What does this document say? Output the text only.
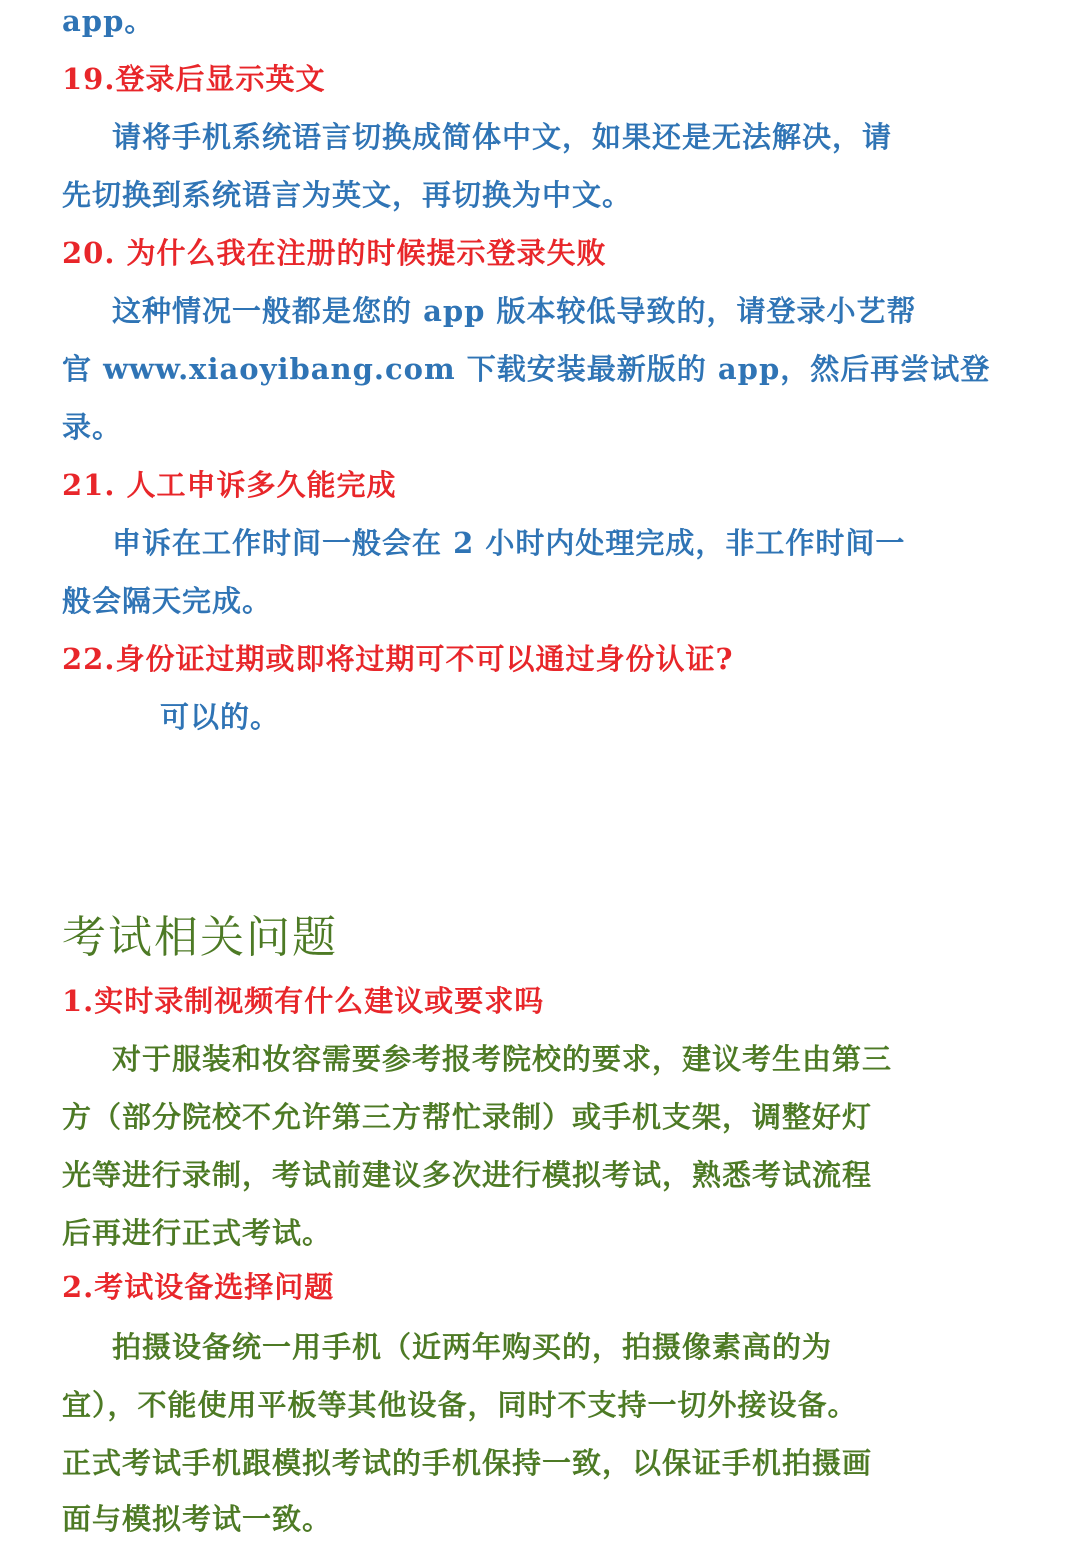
app。
19.登录后显示英文
请将手机系统语言切换成简体中文，如果还是无法解决，请
先切换到系统语言为英文，再切换为中文。
20. 为什么我在注册的时候提示登录失败
这种情况一般都是您的 app 版本较低导致的，请登录小艺帮
官 www.xiaoyibang.com 下载安装最新版的 app，然后再尝试登
录。
21. 人工申诉多久能完成
申诉在工作时间一般会在 2 小时内处理完成，非工作时间一
般会隔天完成。
22.身份证过期或即将过期可不可以通过身份认证?
可以的。
考试相关问题
1.实时录制视频有什么建议或要求吗
对于服装和妆容需要参考报考院校的要求，建议考生由第三
方（部分院校不允许第三方帮忙录制）或手机支架，调整好灯
光等进行录制，考试前建议多次进行模拟考试，熟悉考试流程
后再进行正式考试。
2.考试设备选择问题
拍摄设备统一用手机（近两年购买的，拍摄像素高的为
宜），不能使用平板等其他设备，同时不支持一切外接设备。
正式考试手机跟模拟考试的手机保持一致，以保证手机拍摄画
面与模拟考试一致。
